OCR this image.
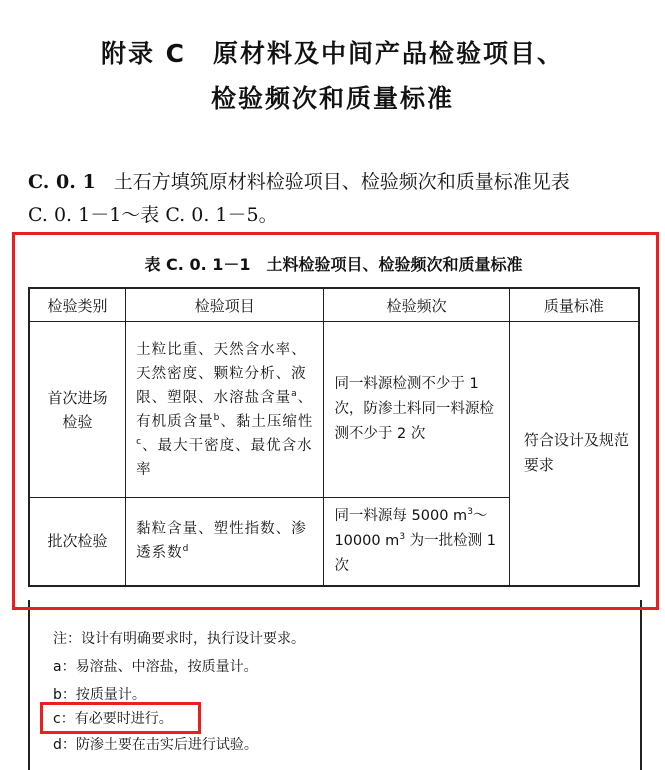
附录 C　原材料及中间产品检验项目、
检验频次和质量标准
C. 0. 1 土石方填筑原材料检验项目、检验频次和质量标准见表
C. 0. 1－1～表 C. 0. 1－5。
表 C. 0. 1－1　土料检验项目、检验频次和质量标准
检验类别	检验项目	检验频次	质量标准
首次进场
检验	土粒比重、天然含水率、天然密度、颗粒分析、液限、塑限、水溶盐含量$^a$、有机质含量$^b$、黏土压缩性$^c$、最大干密度、最优含水率	同一料源检测不少于 1 次，防渗土料同一料源检测不少于 2 次	符合设计及规范要求
批次检验	黏粒含量、塑性指数、渗透系数$^d$	同一料源每 5000 $m^3\sim$ 10000 $m^3$ 为一批检测 1 次	
注：设计有明确要求时，执行设计要求。
a：易溶盐、中溶盐，按质量计。
b：按质量计。
c：有必要时进行。
d：防渗土要在击实后进行试验。
